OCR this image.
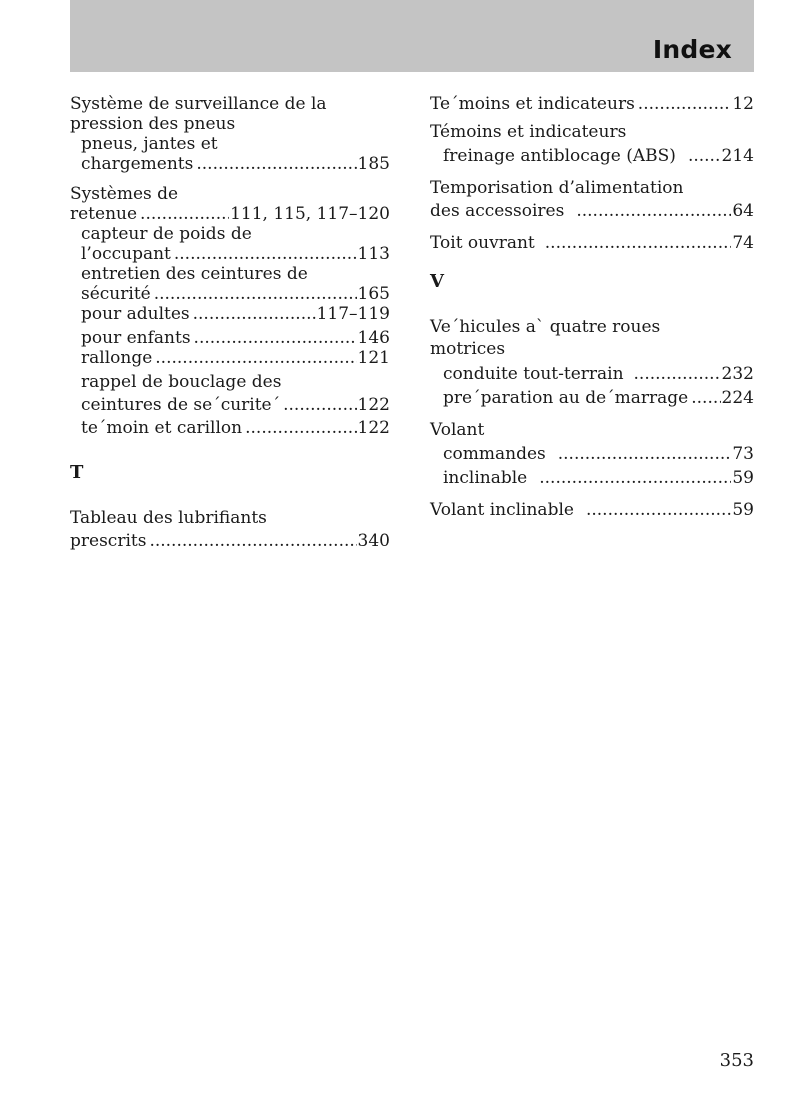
Index
Système de surveillance de la
pression des pneus
pneus, jantes et
chargements .....	185
Systèmes de
retenue .....	111, 115, 117–120
capteur de poids de
l’occupant .....	113
entretien des ceintures de
sécurité .....	165
pour adultes .....	117–119
pour enfants .....	146
rallonge .....	121
rappel de bouclage des
ceintures de se´curite´ .....	122
te´moin et carillon .....	122
T
Tableau des lubrifiants
prescrits .....	340
Te´moins et indicateurs .....	12
Témoins et indicateurs
freinage antiblocage (ABS) .....	214
Temporisation d’alimentation
des accessoires .....	64
Toit ouvrant .....	74
V
Ve´hicules a` quatre roues
motrices
conduite tout-terrain .....	232
pre´paration au de´marrage ..... 224
Volant
commandes .....	73
inclinable .....	59
Volant inclinable .....	59
353
